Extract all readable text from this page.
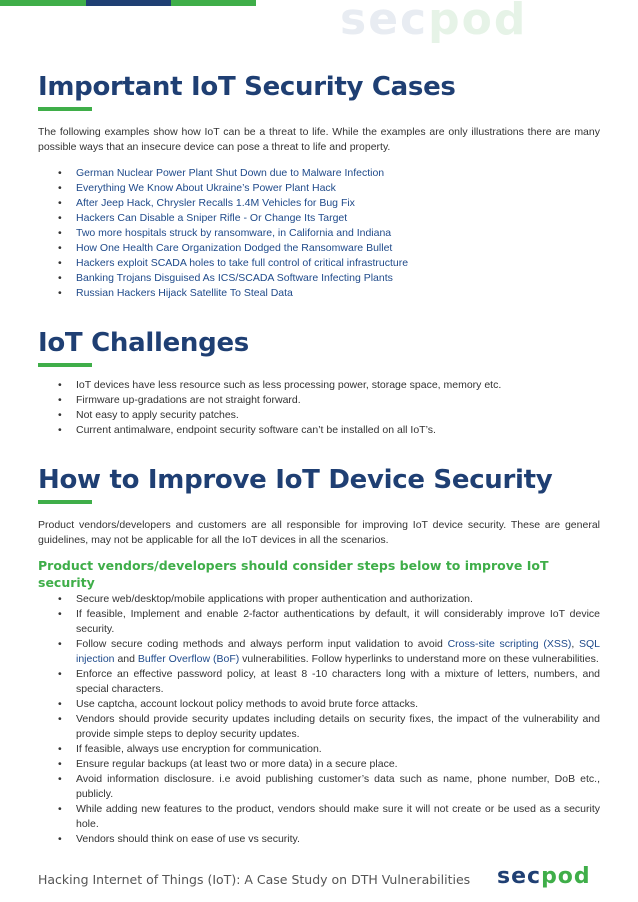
secpod
Important IoT Security Cases

The following examples show how IoT can be a threat to life. While the examples are only illustrations there are many possible ways that an insecure device can pose a threat to life and property.

• German Nuclear Power Plant Shut Down due to Malware Infection
• Everything We Know About Ukraine’s Power Plant Hack
• After Jeep Hack, Chrysler Recalls 1.4M Vehicles for Bug Fix
• Hackers Can Disable a Sniper Rifle - Or Change Its Target
• Two more hospitals struck by ransomware, in California and Indiana
• How One Health Care Organization Dodged the Ransomware Bullet
• Hackers exploit SCADA holes to take full control of critical infrastructure
• Banking Trojans Disguised As ICS/SCADA Software Infecting Plants
• Russian Hackers Hijack Satellite To Steal Data
IoT Challenges
• IoT devices have less resource such as less processing power, storage space, memory etc.
• Firmware up-gradations are not straight forward.
• Not easy to apply security patches.
• Current antimalware, endpoint security software can’t be installed on all IoT’s.
How to Improve IoT Device Security

Product vendors/developers and customers are all responsible for improving IoT device security. These are general guidelines, may not be applicable for all the IoT devices in all the scenarios.

Product vendors/developers should consider steps below to improve IoT security
• Secure web/desktop/mobile applications with proper authentication and authorization.
• If feasible, Implement and enable 2-factor authentications by default, it will considerably improve IoT device security.
• Follow secure coding methods and always perform input validation to avoid Cross-site scripting (XSS), SQL injection and Buffer Overflow (BoF) vulnerabilities. Follow hyperlinks to understand more on these vulnerabilities.
• Enforce an effective password policy, at least 8 -10 characters long with a mixture of letters, numbers, and special characters.
• Use captcha, account lockout policy methods to avoid brute force attacks.
• Vendors should provide security updates including details on security fixes, the impact of the vulnerability and provide simple steps to deploy security updates.
• If feasible, always use encryption for communication.
• Ensure regular backups (at least two or more data) in a secure place.
• Avoid information disclosure. i.e avoid publishing customer’s data such as name, phone number, DoB etc., publicly.
• While adding new features to the product, vendors should make sure it will not create or be used as a security hole.
• Vendors should think on ease of use vs security.
Hacking Internet of Things (IoT): A Case Study on DTH Vulnerabilities secpod
